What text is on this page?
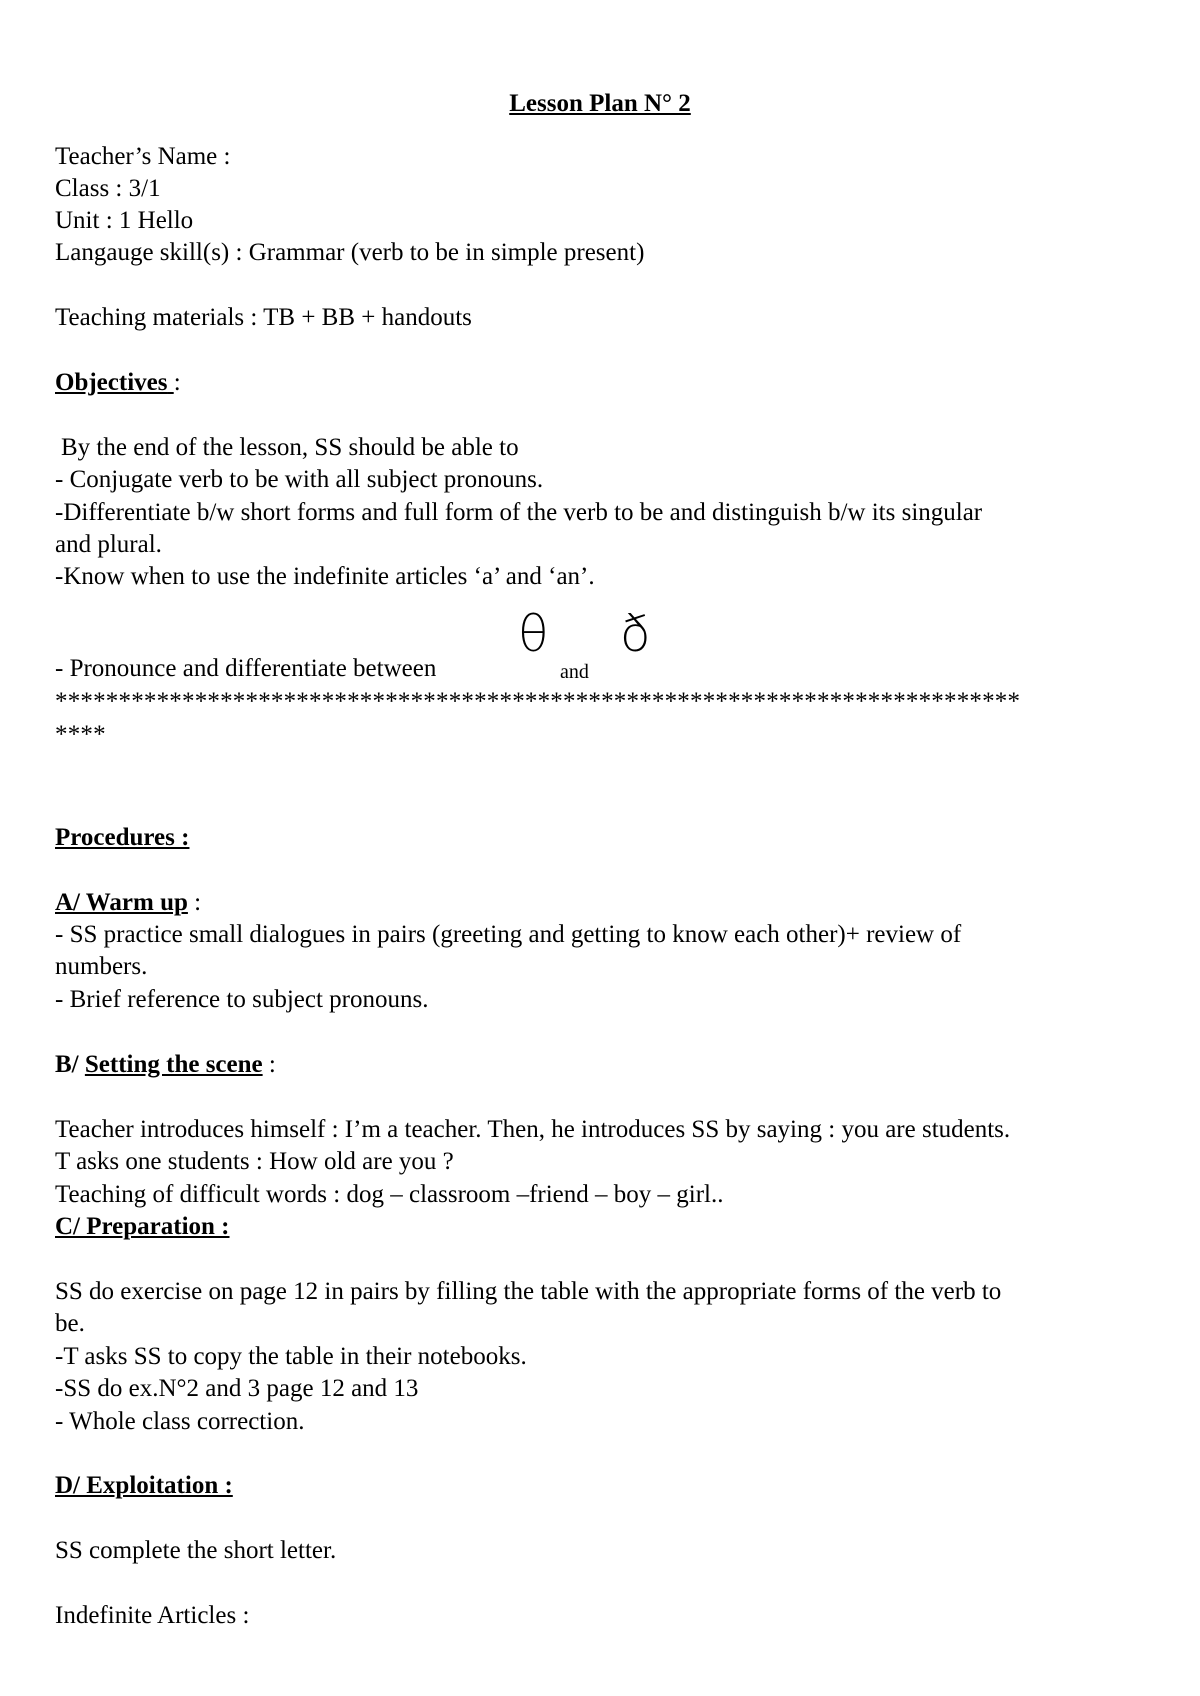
Lesson Plan N° 2
Teacher’s Name :
Class : 3/1
Unit : 1 Hello
Langauge skill(s) : Grammar (verb to be in simple present)
Teaching materials : TB + BB + handouts
Objectives :
By the end of the lesson, SS should be able to
- Conjugate verb to be with all subject pronouns.
-Differentiate b/w short forms and full form of the verb to be and distinguish b/w its singular
and plural.
-Know when to use the indefinite articles ‘a’ and ‘an’.
- Pronounce and differentiate between
θ
and
ð
****************************************************************************
****
Procedures :
A/ Warm up :
- SS practice small dialogues in pairs (greeting and getting to know each other)+ review of
numbers.
- Brief reference to subject pronouns.
B/ Setting the scene :
Teacher introduces himself : I’m a teacher. Then, he introduces SS by saying : you are students.
T asks one students : How old are you ?
Teaching of difficult words : dog – classroom –friend – boy – girl..
C/ Preparation :
SS do exercise on page 12 in pairs by filling the table with the appropriate forms of the verb to
be.
-T asks SS to copy the table in their notebooks.
-SS do ex.N°2 and 3 page 12 and 13
- Whole class correction.
D/ Exploitation :
SS complete the short letter.
Indefinite Articles :
